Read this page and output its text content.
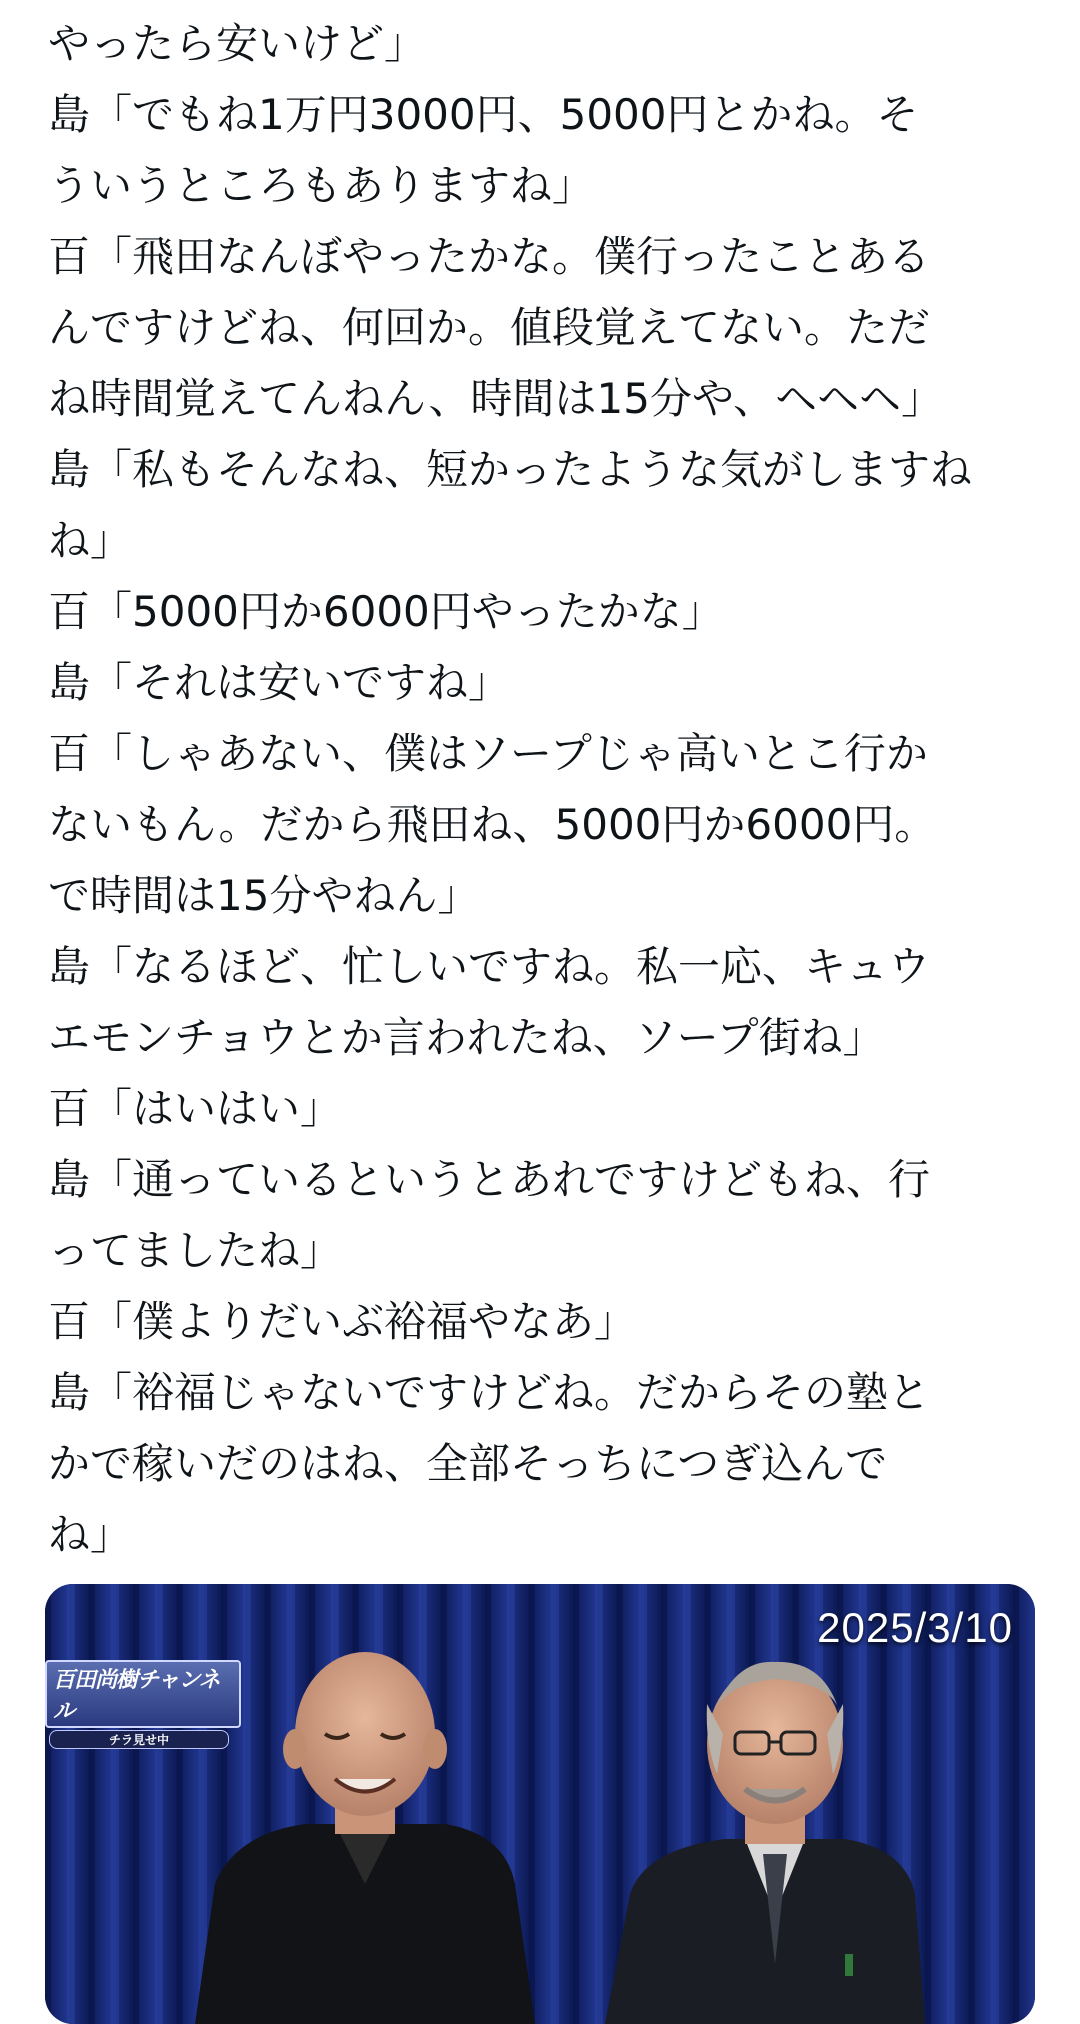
やったら安いけど」
島「でもね1万円3000円、5000円とかね。そ
ういうところもありますね」
百「飛田なんぼやったかな。僕行ったことある
んですけどね、何回か。値段覚えてない。ただ
ね時間覚えてんねん、時間は15分や、ヘヘヘ」
島「私もそんなね、短かったような気がしますね
ね」
百「5000円か6000円やったかな」
島「それは安いですね」
百「しゃあない、僕はソープじゃ高いとこ行か
ないもん。だから飛田ね、5000円か6000円。
で時間は15分やねん」
島「なるほど、忙しいですね。私一応、キュウ
エモンチョウとか言われたね、ソープ街ね」
百「はいはい」
島「通っているというとあれですけどもね、行
ってましたね」
百「僕よりだいぶ裕福やなあ」
島「裕福じゃないですけどね。だからその塾と
かで稼いだのはね、全部そっちにつぎ込んで
ね」
百田尚樹チャンネル
チラ見せ中
2025/3/10
